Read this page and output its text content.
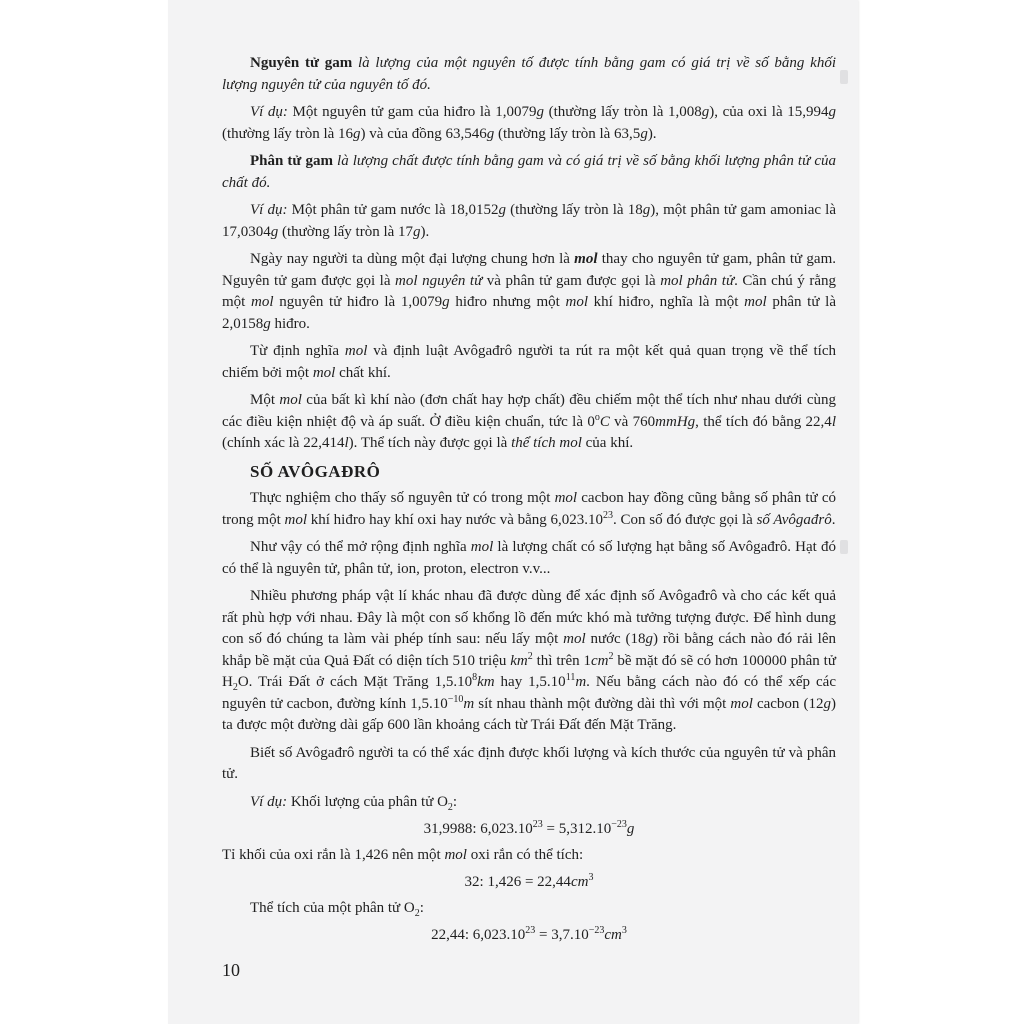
Nguyên tử gam là lượng của một nguyên tố được tính bằng gam có giá trị về số bằng khối lượng nguyên tử của nguyên tố đó.

Ví dụ: Một nguyên tử gam của hiđro là 1,0079g (thường lấy tròn là 1,008g), của oxi là 15,994g (thường lấy tròn là 16g) và của đồng 63,546g (thường lấy tròn là 63,5g).

Phân tử gam là lượng chất được tính bằng gam và có giá trị về số bằng khối lượng phân tử của chất đó.

Ví dụ: Một phân tử gam nước là 18,0152g (thường lấy tròn là 18g), một phân tử gam amoniac là 17,0304g (thường lấy tròn là 17g).

Ngày nay người ta dùng một đại lượng chung hơn là mol thay cho nguyên tử gam, phân tử gam. Nguyên tử gam được gọi là mol nguyên tử và phân tử gam được gọi là mol phân tử. Cần chú ý rằng một mol nguyên tử hiđro là 1,0079g hiđro nhưng một mol khí hiđro, nghĩa là một mol phân tử là 2,0158g hiđro.

Từ định nghĩa mol và định luật Avôgađrô người ta rút ra một kết quả quan trọng về thể tích chiếm bởi một mol chất khí.

Một mol của bất kì khí nào (đơn chất hay hợp chất) đều chiếm một thể tích như nhau dưới cùng các điều kiện nhiệt độ và áp suất. Ở điều kiện chuẩn, tức là 0$^o$C và 760mmHg, thể tích đó bằng 22,4l (chính xác là 22,414l). Thể tích này được gọi là thể tích mol của khí.

SỐ AVÔGAĐRÔ

Thực nghiệm cho thấy số nguyên tử có trong một mol cacbon hay đồng cũng bằng số phân tử có trong một mol khí hiđro hay khí oxi hay nước và bằng 6,023.10$^{23}$. Con số đó được gọi là số Avôgađrô.

Như vậy có thể mở rộng định nghĩa mol là lượng chất có số lượng hạt bằng số Avôgađrô. Hạt đó có thể là nguyên tử, phân tử, ion, proton, electron v.v...

Nhiều phương pháp vật lí khác nhau đã được dùng để xác định số Avôgađrô và cho các kết quả rất phù hợp với nhau. Đây là một con số khổng lồ đến mức khó mà tưởng tượng được. Để hình dung con số đó chúng ta làm vài phép tính sau: nếu lấy một mol nước (18g) rồi bằng cách nào đó rải lên khắp bề mặt của Quả Đất có diện tích 510 triệu $km^2$ thì trên $1cm^2$ bề mặt đó sẽ có hơn 100000 phân tử $H_2O$. Trái Đất ở cách Mặt Trăng 1,5.10$^8$km hay 1,5.10$^{11}$m. Nếu bằng cách nào đó có thể xếp các nguyên tử cacbon, đường kính $1,5.10^{-10}m$ sít nhau thành một đường dài thì với một mol cacbon (12g) ta được một đường dài gấp 600 lần khoảng cách từ Trái Đất đến Mặt Trăng.

Biết số Avôgađrô người ta có thể xác định được khối lượng và kích thước của nguyên tử và phân tử.

Ví dụ: Khối lượng của phân tử $O_2$:

31,9988: $6,023.10^{23} = 5,312.10^{-23}g$

Tỉ khối của oxi rắn là 1,426 nên một mol oxi rắn có thể tích:

32: $1,426 = 22,44cm^3$

Thể tích của một phân tử $O_2$:

22,44: $6,023.10^{23} = 3,7.10^{-23}cm^3$

10
